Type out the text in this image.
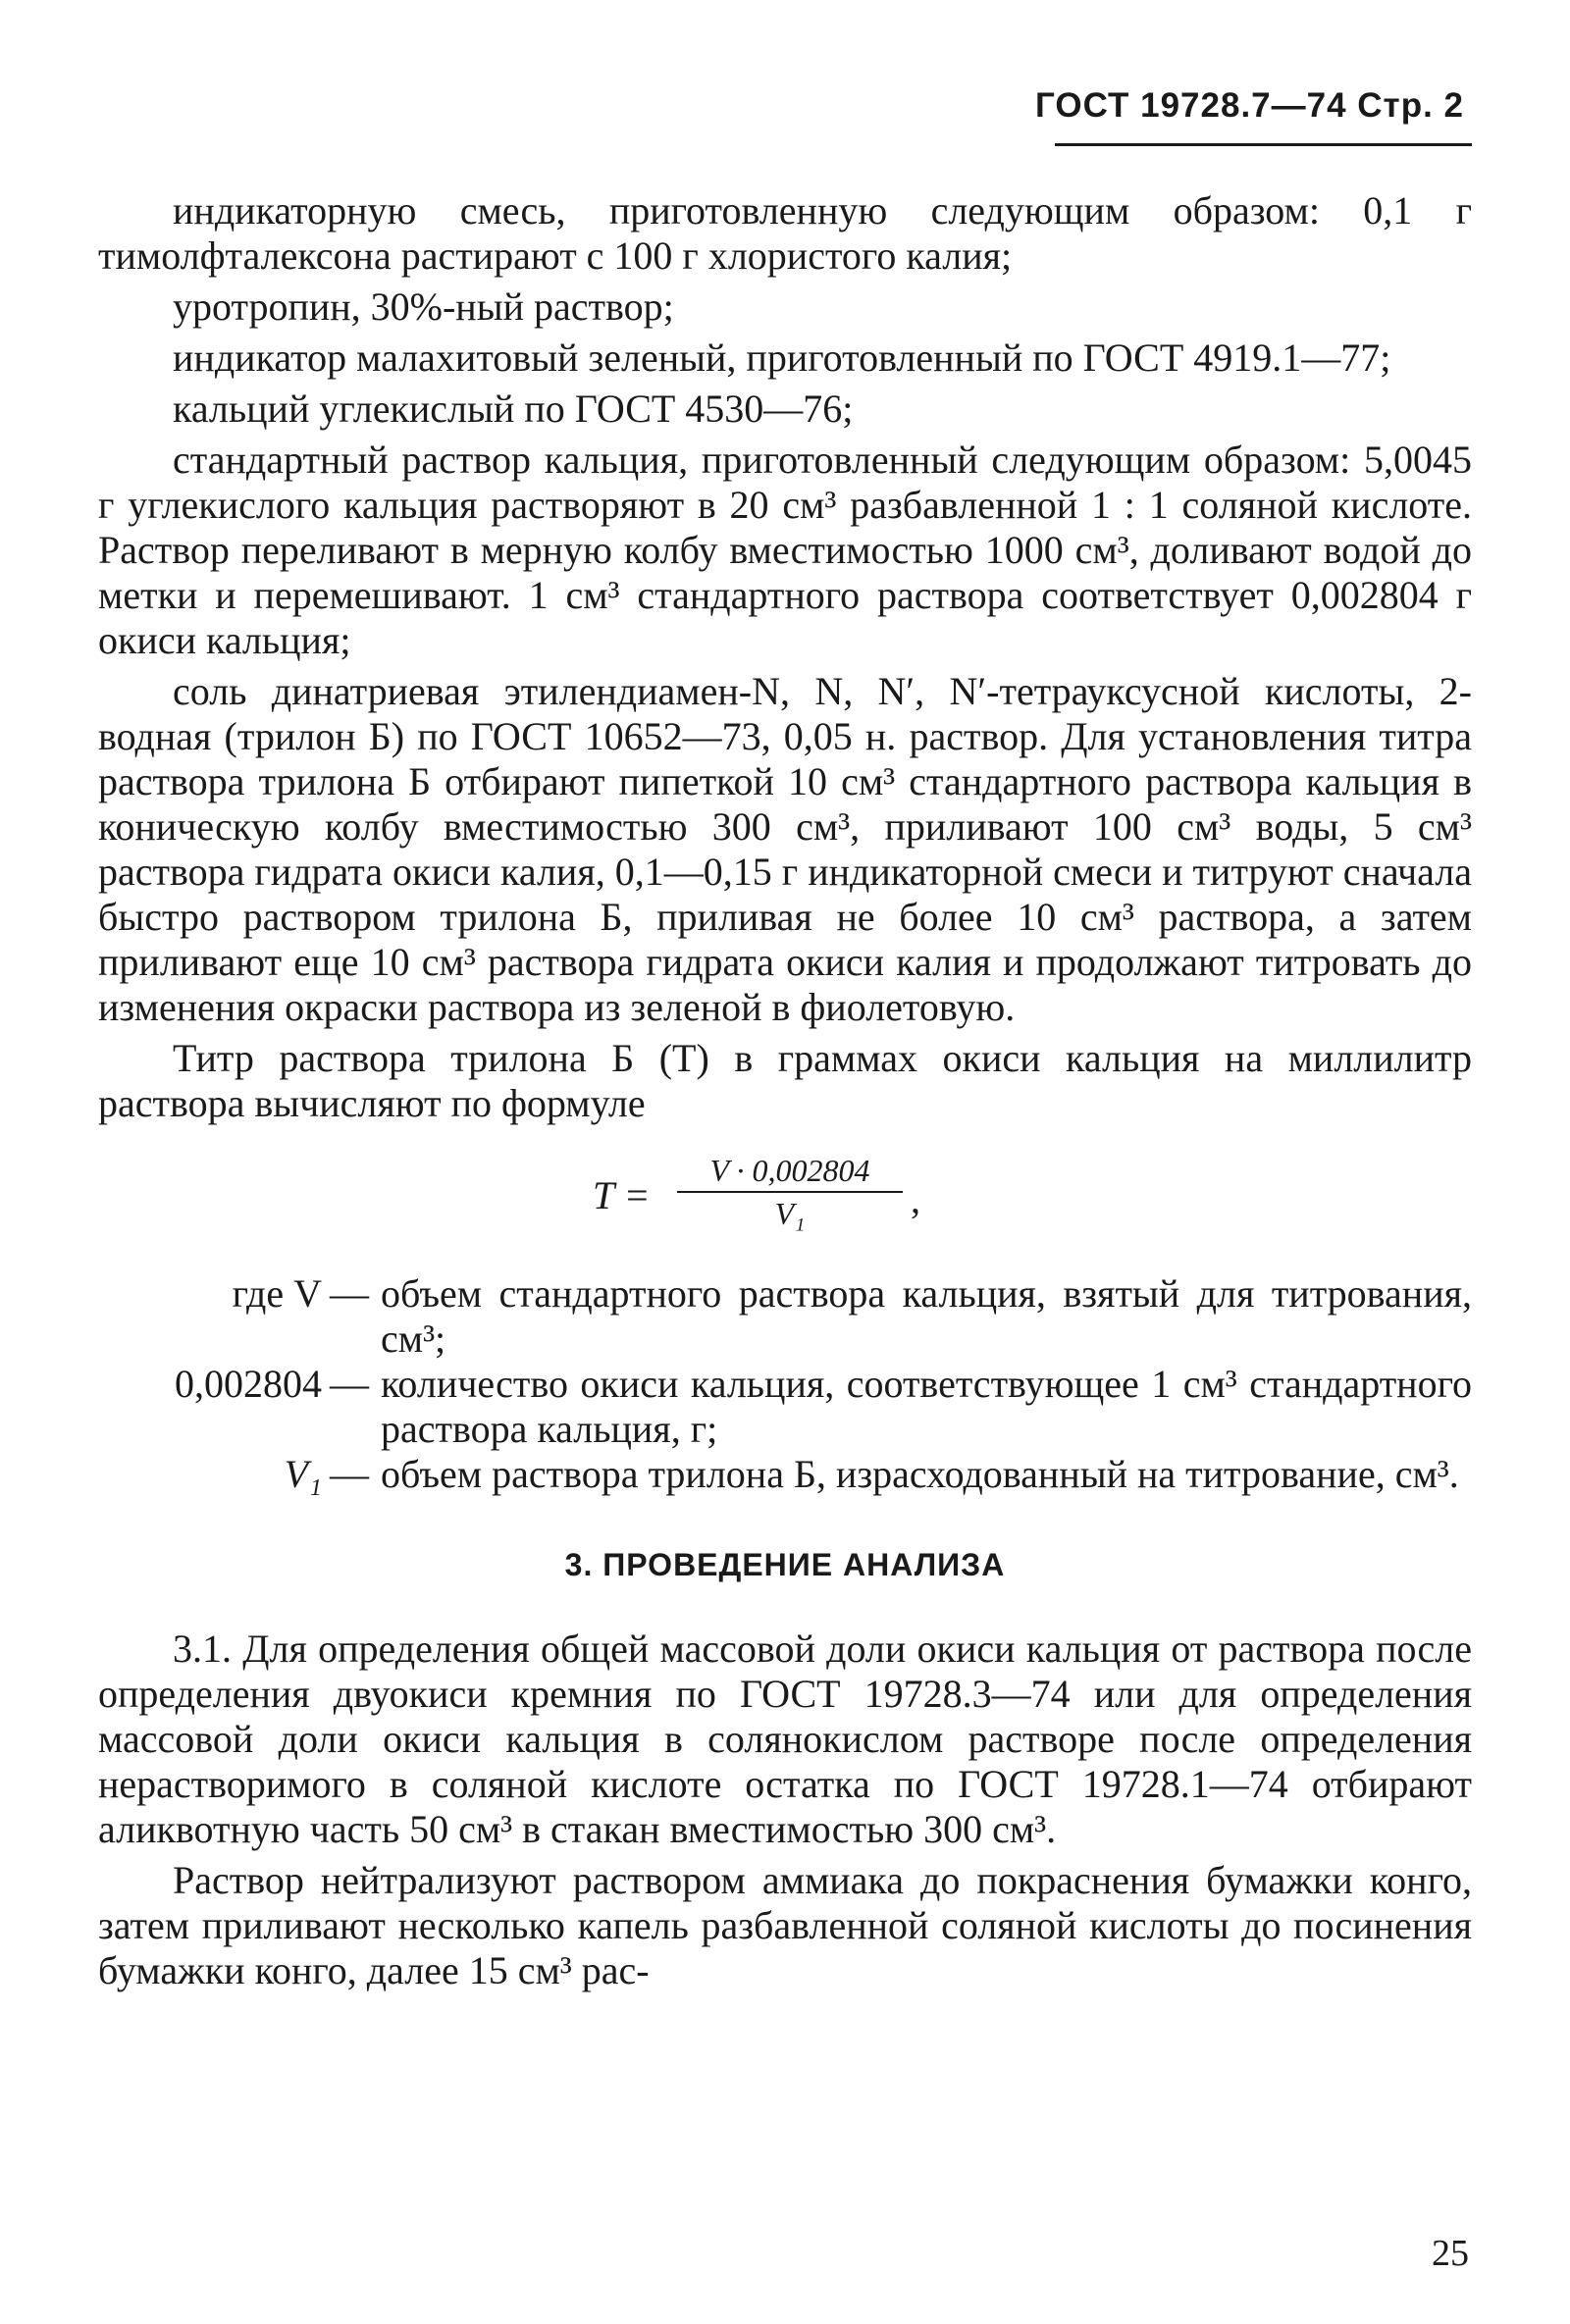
ГОСТ 19728.7—74 Стр. 2

индикаторную смесь, приготовленную следующим образом: 0,1 г тимолфталексона растирают с 100 г хлористого калия;

уротропин, 30%-ный раствор;

индикатор малахитовый зеленый, приготовленный по ГОСТ 4919.1—77;

кальций углекислый по ГОСТ 4530—76;

стандартный раствор кальция, приготовленный следующим образом: 5,0045 г углекислого кальция растворяют в 20 см³ разбавленной 1 : 1 соляной кислоте. Раствор переливают в мерную колбу вместимостью 1000 см³, доливают водой до метки и перемешивают. 1 см³ стандартного раствора соответствует 0,002804 г окиси кальция;

соль динатриевая этилендиамен-N, N, N′, N′-тетрауксусной кислоты, 2-водная (трилон Б) по ГОСТ 10652—73, 0,05 н. раствор. Для установления титра раствора трилона Б отбирают пипеткой 10 см³ стандартного раствора кальция в коническую колбу вместимостью 300 см³, приливают 100 см³ воды, 5 см³ раствора гидрата окиси калия, 0,1—0,15 г индикаторной смеси и титруют сначала быстро раствором трилона Б, приливая не более 10 см³ раствора, а затем приливают еще 10 см³ раствора гидрата окиси калия и продолжают титровать до изменения окраски раствора из зеленой в фиолетовую.

Титр раствора трилона Б (T) в граммах окиси кальция на миллилитр раствора вычисляют по формуле

T =
V · 0,002804
V₁	,
где V — объем стандартного раствора кальция, взятый для титрования, см³;
0,002804 — количество окиси кальция, соответствующее 1 см³ стандартного раствора кальция, г;
V₁ — объем раствора трилона Б, израсходованный на титрование, см³.
3. ПРОВЕДЕНИЕ АНАЛИЗА

3.1. Для определения общей массовой доли окиси кальция от раствора после определения двуокиси кремния по ГОСТ 19728.3—74 или для определения массовой доли окиси кальция в солянокислом растворе после определения нерастворимого в соляной кислоте остатка по ГОСТ 19728.1—74 отбирают аликвотную часть 50 см³ в стакан вместимостью 300 см³.

Раствор нейтрализуют раствором аммиака до покраснения бумажки конго, затем приливают несколько капель разбавленной соляной кислоты до посинения бумажки конго, далее 15 см³ рас-

25
